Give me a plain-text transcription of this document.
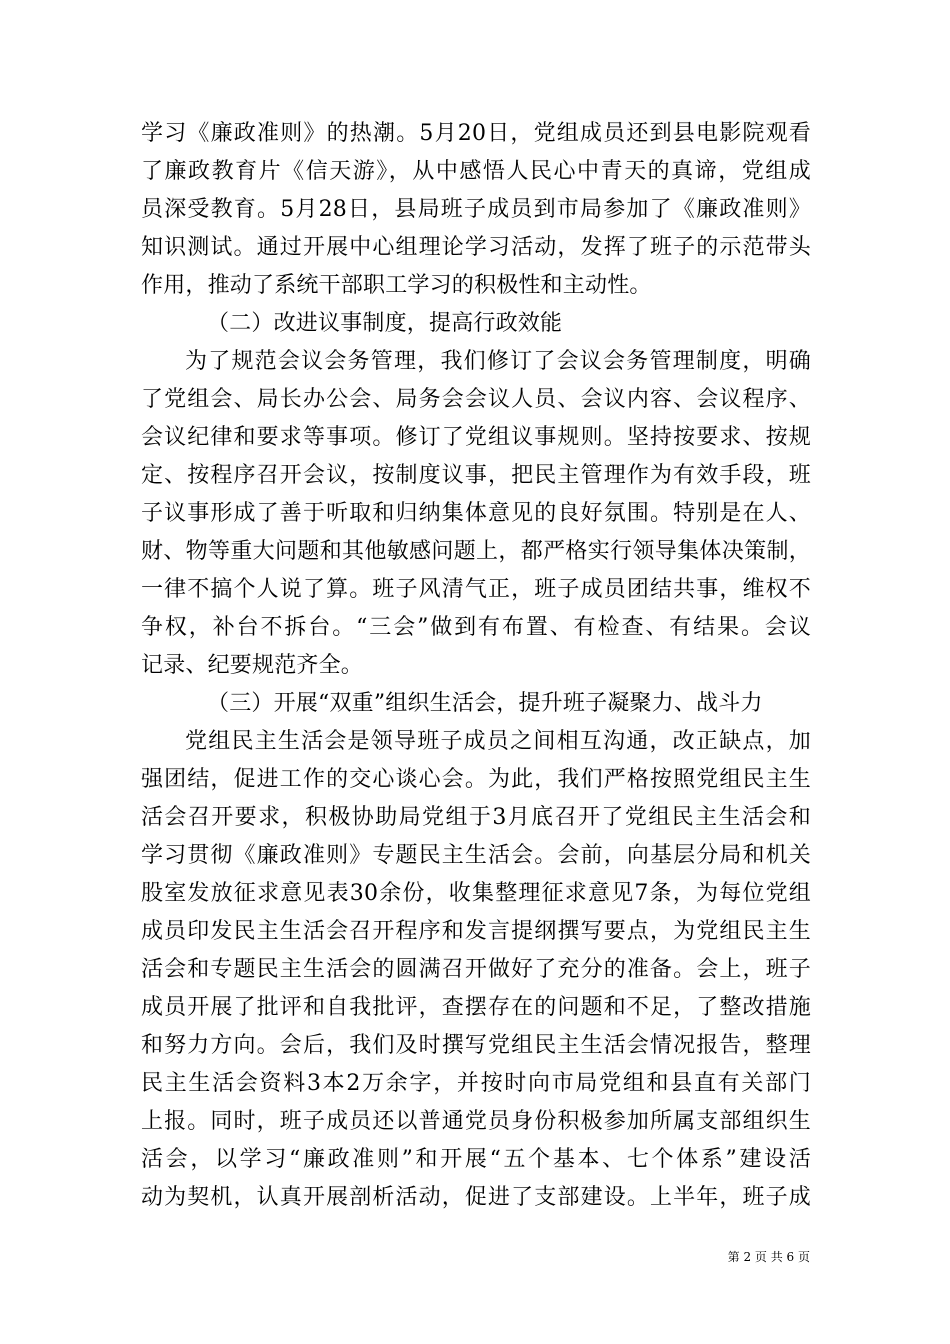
学习《廉政准则》的热潮。5月20日，党组成员还到县电影院观看
了廉政教育片《信天游》，从中感悟人民心中青天的真谛，党组成
员深受教育。5月28日，县局班子成员到市局参加了《廉政准则》
知识测试。通过开展中心组理论学习活动，发挥了班子的示范带头
作用，推动了系统干部职工学习的积极性和主动性。
（二）改进议事制度，提高行政效能
为了规范会议会务管理，我们修订了会议会务管理制度，明确
了党组会、局长办公会、局务会会议人员、会议内容、会议程序、
会议纪律和要求等事项。修订了党组议事规则。坚持按要求、按规
定、按程序召开会议，按制度议事，把民主管理作为有效手段，班
子议事形成了善于听取和归纳集体意见的良好氛围。特别是在人、
财、物等重大问题和其他敏感问题上，都严格实行领导集体决策制，
一律不搞个人说了算。班子风清气正，班子成员团结共事，维权不
争权，补台不拆台。“三会”做到有布置、有检查、有结果。会议
记录、纪要规范齐全。
（三）开展“双重”组织生活会，提升班子凝聚力、战斗力
党组民主生活会是领导班子成员之间相互沟通，改正缺点，加
强团结，促进工作的交心谈心会。为此，我们严格按照党组民主生
活会召开要求，积极协助局党组于3月底召开了党组民主生活会和
学习贯彻《廉政准则》专题民主生活会。会前，向基层分局和机关
股室发放征求意见表30余份，收集整理征求意见7条，为每位党组
成员印发民主生活会召开程序和发言提纲撰写要点，为党组民主生
活会和专题民主生活会的圆满召开做好了充分的准备。会上，班子
成员开展了批评和自我批评，查摆存在的问题和不足，了整改措施
和努力方向。会后，我们及时撰写党组民主生活会情况报告，整理
民主生活会资料3本2万余字，并按时向市局党组和县直有关部门
上报。同时，班子成员还以普通党员身份积极参加所属支部组织生
活会，以学习“廉政准则”和开展“五个基本、七个体系”建设活
动为契机，认真开展剖析活动，促进了支部建设。上半年，班子成
第 2 页 共 6 页
